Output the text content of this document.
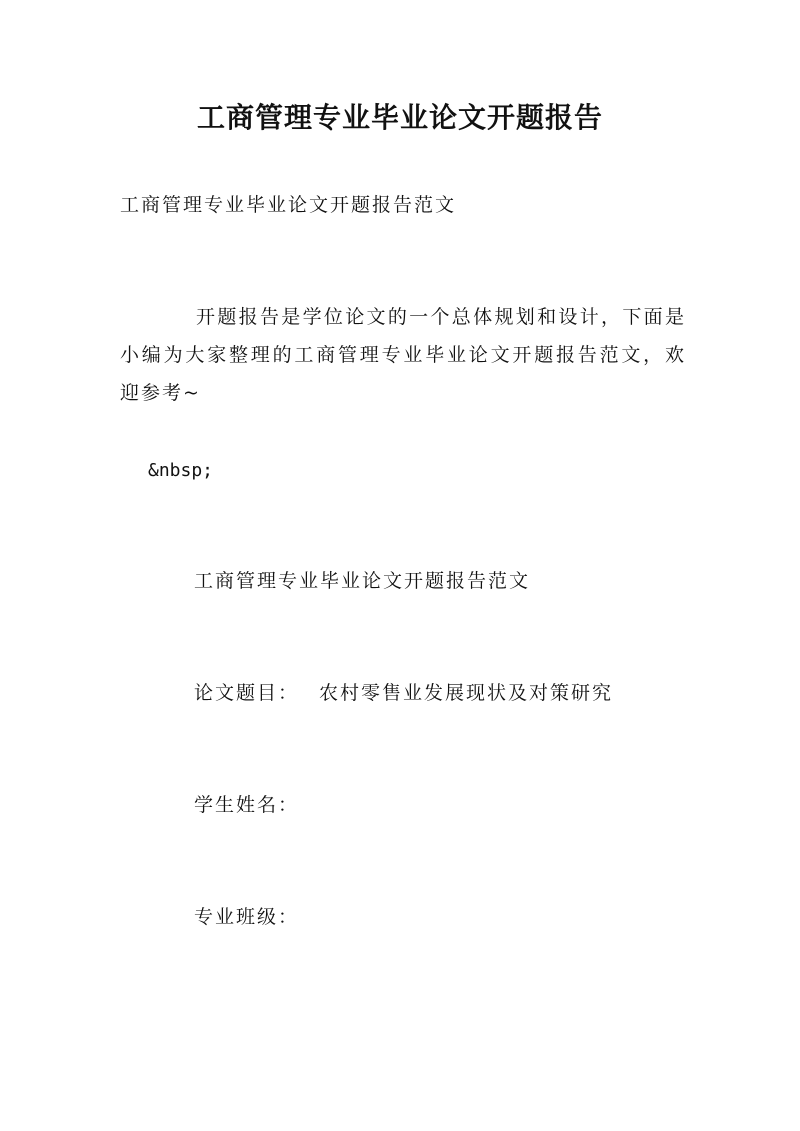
工商管理专业毕业论文开题报告
工商管理专业毕业论文开题报告范文
开题报告是学位论文的一个总体规划和设计，下面是小编为大家整理的工商管理专业毕业论文开题报告范文，欢迎参考~
&nbsp;
工商管理专业毕业论文开题报告范文
论文题目： 农村零售业发展现状及对策研究
学生姓名：
专业班级：
